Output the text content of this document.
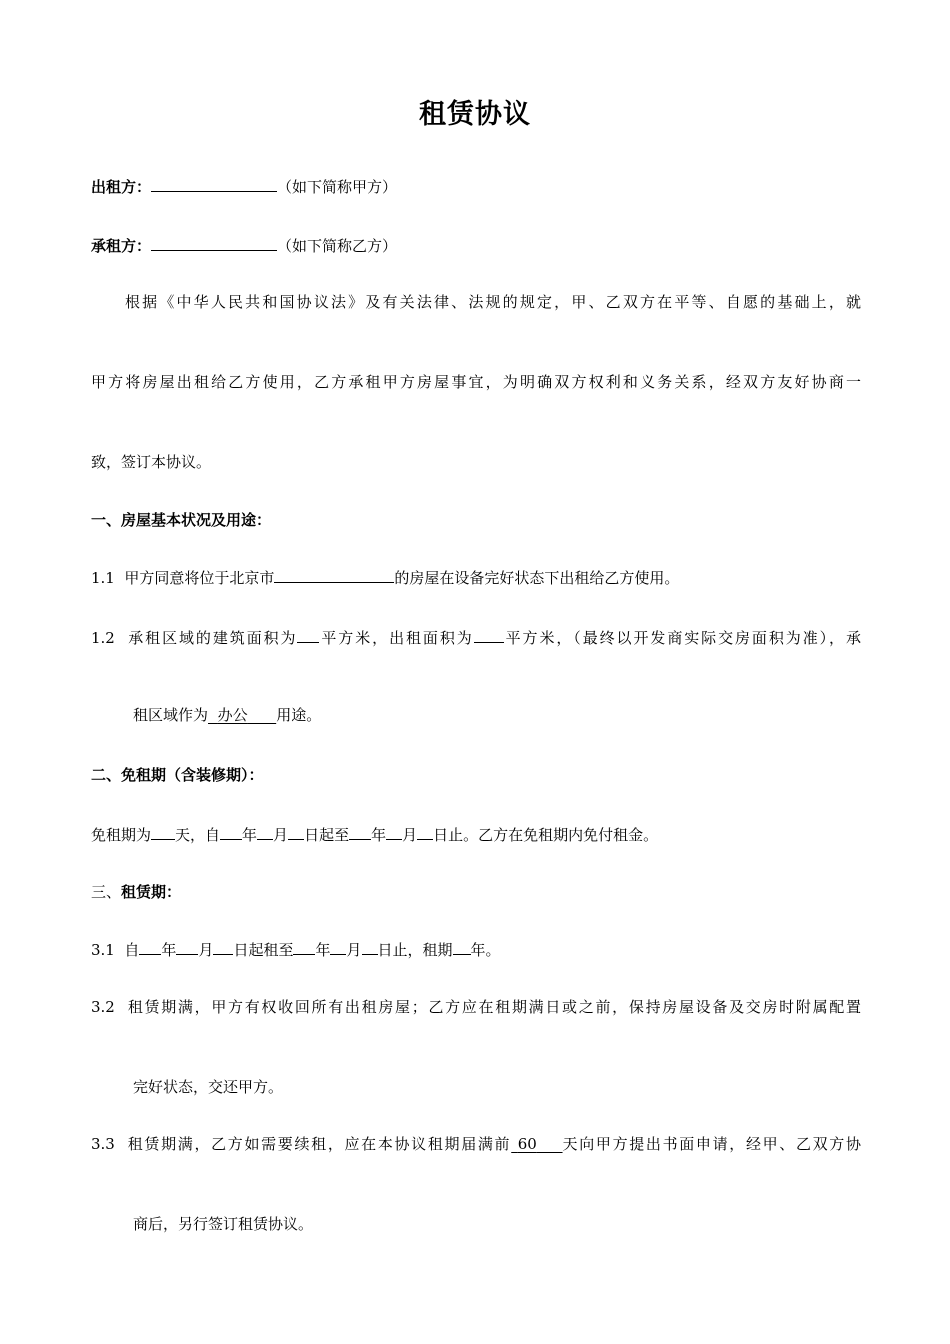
租赁协议
出租方：	（如下简称甲方）
承租方：	（如下简称乙方）
根据《中华人民共和国协议法》及有关法律、法规的规定，甲、乙双方在平等、自愿的基础上，就
甲方将房屋出租给乙方使用，乙方承租甲方房屋事宜，为明确双方权利和义务关系，经双方友好协商一
致，签订本协议。
一、房屋基本状况及用途：
1.1 甲方同意将位于北京市	的房屋在设备完好状态下出租给乙方使用。
1.2 承租区域的建筑面积为 平方米，出租面积为 平方米，（最终以开发商实际交房面积为准），承
租区域作为 办公 用途。
二、免租期（含装修期）：
免租期为 天，自 年 月 日起至 年 月 日止。乙方在免租期内免付租金。
三、租赁期：
3.1 自 年 月 日起租至 年 月 日止，租期 年。
3.2 租赁期满，甲方有权收回所有出租房屋；乙方应在租期满日或之前，保持房屋设备及交房时附属配置
完好状态，交还甲方。
3.3 租赁期满，乙方如需要续租，应在本协议租期届满前 60 天向甲方提出书面申请，经甲、乙双方协
商后，另行签订租赁协议。
